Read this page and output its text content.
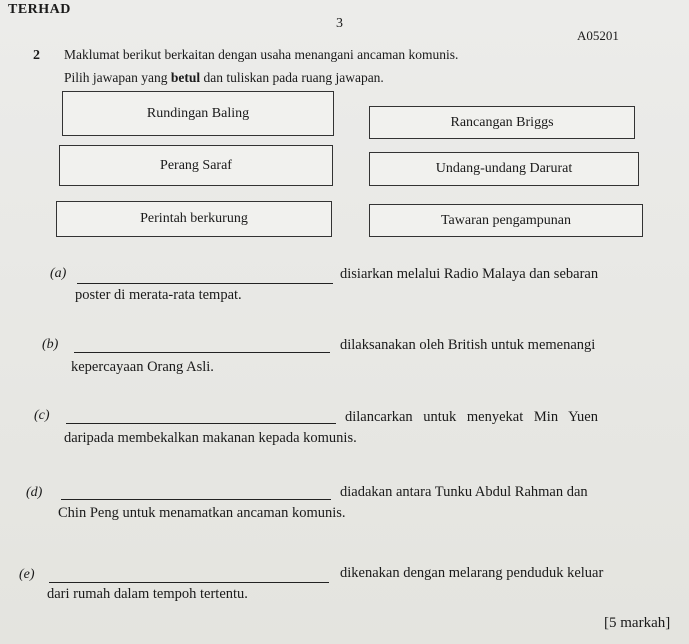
TERHAD
3
A05201
2 Maklumat berikut berkaitan dengan usaha menangani ancaman komunis.
Pilih jawapan yang betul dan tuliskan pada ruang jawapan.
Rundingan Baling
Rancangan Briggs
Perang Saraf	Undang-undang Darurat
Perintah berkurung	Tawaran pengampunan
(a)	disiarkan melalui Radio Malaya dan sebaran
poster di merata-rata tempat.
(b)	dilaksanakan oleh British untuk memenangi
kepercayaan Orang Asli.
(c)	dilancarkan untuk menyekat Min Yuen
daripada membekalkan makanan kepada komunis.
(d)	diadakan antara Tunku Abdul Rahman dan
Chin Peng untuk menamatkan ancaman komunis.
(e)	dikenakan dengan melarang penduduk keluar
dari rumah dalam tempoh tertentu.
[5 markah]
